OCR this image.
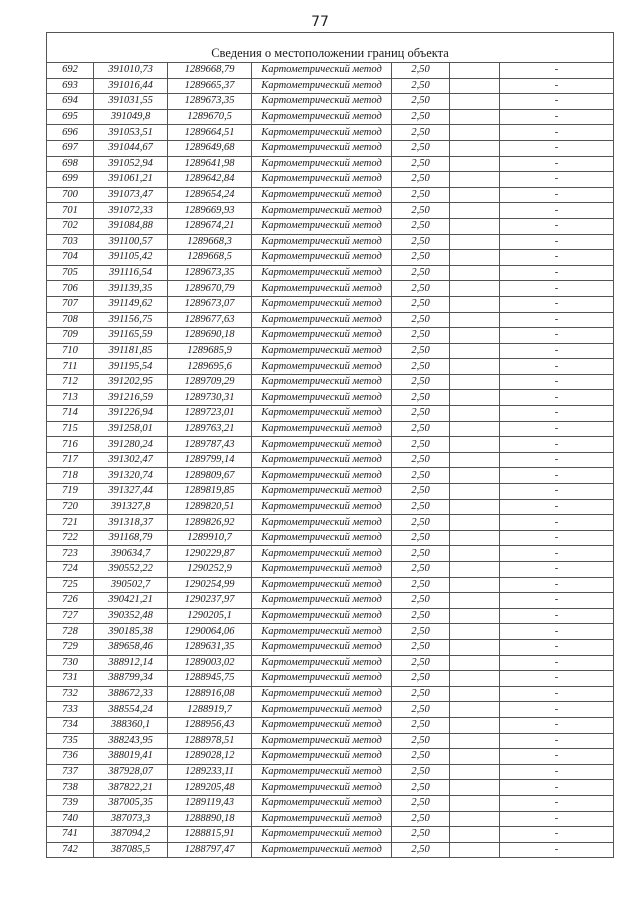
77
Сведения о местоположении границ объекта						
692	391010,73	1289668,79	Картометрический метод	2,50		-
693	391016,44	1289665,37	Картометрический метод	2,50		-
694	391031,55	1289673,35	Картометрический метод	2,50		-
695	391049,8	1289670,5	Картометрический метод	2,50		-
696	391053,51	1289664,51	Картометрический метод	2,50		-
697	391044,67	1289649,68	Картометрический метод	2,50		-
698	391052,94	1289641,98	Картометрический метод	2,50		-
699	391061,21	1289642,84	Картометрический метод	2,50		-
700	391073,47	1289654,24	Картометрический метод	2,50		-
701	391072,33	1289669,93	Картометрический метод	2,50		-
702	391084,88	1289674,21	Картометрический метод	2,50		-
703	391100,57	1289668,3	Картометрический метод	2,50		-
704	391105,42	1289668,5	Картометрический метод	2,50		-
705	391116,54	1289673,35	Картометрический метод	2,50		-
706	391139,35	1289670,79	Картометрический метод	2,50		-
707	391149,62	1289673,07	Картометрический метод	2,50		-
708	391156,75	1289677,63	Картометрический метод	2,50		-
709	391165,59	1289690,18	Картометрический метод	2,50		-
710	391181,85	1289685,9	Картометрический метод	2,50		-
711	391195,54	1289695,6	Картометрический метод	2,50		-
712	391202,95	1289709,29	Картометрический метод	2,50		-
713	391216,59	1289730,31	Картометрический метод	2,50		-
714	391226,94	1289723,01	Картометрический метод	2,50		-
715	391258,01	1289763,21	Картометрический метод	2,50		-
716	391280,24	1289787,43	Картометрический метод	2,50		-
717	391302,47	1289799,14	Картометрический метод	2,50		-
718	391320,74	1289809,67	Картометрический метод	2,50		-
719	391327,44	1289819,85	Картометрический метод	2,50		-
720	391327,8	1289820,51	Картометрический метод	2,50		-
721	391318,37	1289826,92	Картометрический метод	2,50		-
722	391168,79	1289910,7	Картометрический метод	2,50		-
723	390634,7	1290229,87	Картометрический метод	2,50		-
724	390552,22	1290252,9	Картометрический метод	2,50		-
725	390502,7	1290254,99	Картометрический метод	2,50		-
726	390421,21	1290237,97	Картометрический метод	2,50		-
727	390352,48	1290205,1	Картометрический метод	2,50		-
728	390185,38	1290064,06	Картометрический метод	2,50		-
729	389658,46	1289631,35	Картометрический метод	2,50		-
730	388912,14	1289003,02	Картометрический метод	2,50		-
731	388799,34	1288945,75	Картометрический метод	2,50		-
732	388672,33	1288916,08	Картометрический метод	2,50		-
733	388554,24	1288919,7	Картометрический метод	2,50		-
734	388360,1	1288956,43	Картометрический метод	2,50		-
735	388243,95	1288978,51	Картометрический метод	2,50		-
736	388019,41	1289028,12	Картометрический метод	2,50		-
737	387928,07	1289233,11	Картометрический метод	2,50		-
738	387822,21	1289205,48	Картометрический метод	2,50		-
739	387005,35	1289119,43	Картометрический метод	2,50		-
740	387073,3	1288890,18	Картометрический метод	2,50		-
741	387094,2	1288815,91	Картометрический метод	2,50		-
742	387085,5	1288797,47	Картометрический метод	2,50		-
